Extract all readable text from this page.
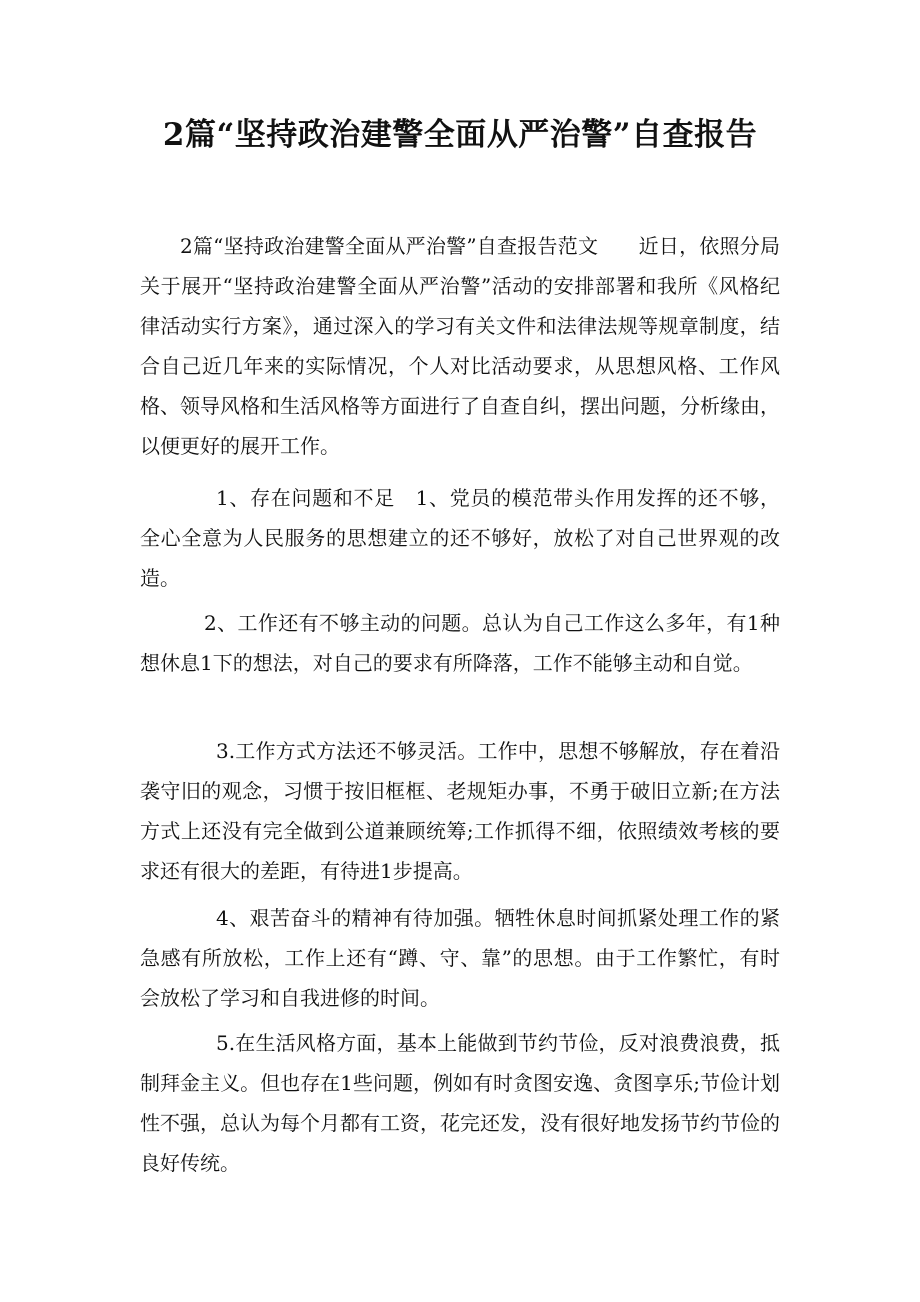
2篇“坚持政治建警全面从严治警”自查报告

2篇“坚持政治建警全面从严治警”自查报告范文　　近日，依照分局关于展开“坚持政治建警全面从严治警”活动的安排部署和我所《风格纪律活动实行方案》，通过深入的学习有关文件和法律法规等规章制度，结合自己近几年来的实际情况，个人对比活动要求，从思想风格、工作风格、领导风格和生活风格等方面进行了自查自纠，摆出问题，分析缘由，以便更好的展开工作。

1、存在问题和不足　1、党员的模范带头作用发挥的还不够，全心全意为人民服务的思想建立的还不够好，放松了对自己世界观的改造。

2、工作还有不够主动的问题。总认为自己工作这么多年，有1种想休息1下的想法，对自己的要求有所降落，工作不能够主动和自觉。

3.工作方式方法还不够灵活。工作中，思想不够解放，存在着沿袭守旧的观念，习惯于按旧框框、老规矩办事，不勇于破旧立新;在方法方式上还没有完全做到公道兼顾统筹;工作抓得不细，依照绩效考核的要求还有很大的差距，有待进1步提高。

4、艰苦奋斗的精神有待加强。牺牲休息时间抓紧处理工作的紧急感有所放松，工作上还有“蹲、守、靠”的思想。由于工作繁忙，有时会放松了学习和自我进修的时间。

5.在生活风格方面，基本上能做到节约节俭，反对浪费浪费，抵制拜金主义。但也存在1些问题，例如有时贪图安逸、贪图享乐;节俭计划性不强，总认为每个月都有工资，花完还发，没有很好地发扬节约节俭的良好传统。
